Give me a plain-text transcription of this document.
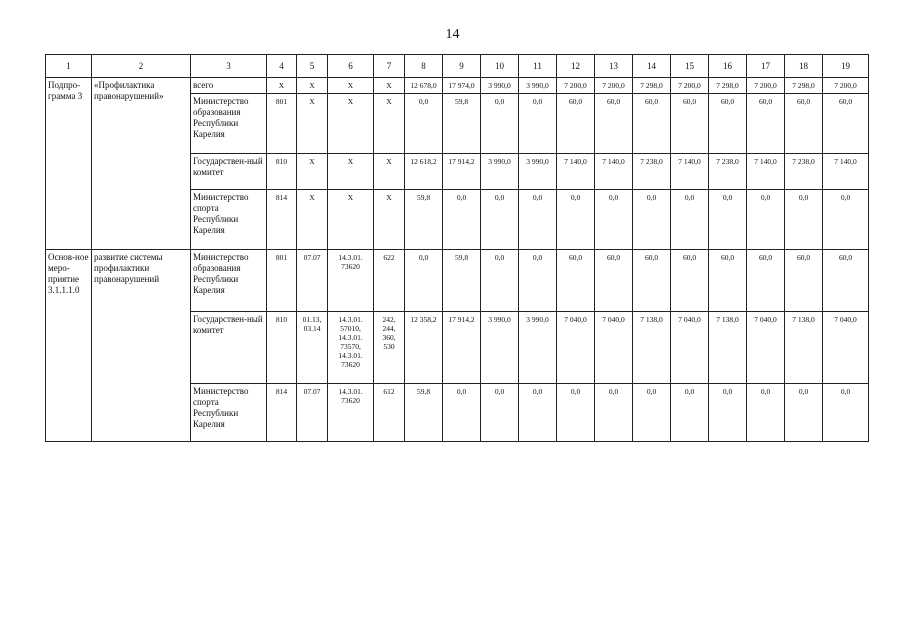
14
1	2	3	4	5	6	7	8	9	10	11	12	13	14	15	16	17	18	19
Подпро-грамма 3	«Профилактика правонарушений»	всего	X	X	X	X	12 678,0	17 974,0	3 990,0	3 990,0	7 200,0	7 200,0	7 298,0	7 200,0	7 298,0	7 200,0	7 298,0	7 200,0
		Министерство образования Республики Карелия	801	X	X	X	0,0	59,8	0,0	0,0	60,0	60,0	60,0	60,0	60,0	60,0	60,0	60,0
		Государствен-ный комитет	810	X	X	X	12 618,2	17 914,2	3 990,0	3 990,0	7 140,0	7 140,0	7 238,0	7 140,0	7 238,0	7 140,0	7 238,0	7 140,0
		Министерство спорта Республики Карелия	814	X	X	X	59,8	0,0	0,0	0,0	0,0	0,0	0,0	0,0	0,0	0,0	0,0	0,0
Основ-ное меро-приятие 3.1.1.1.0	развитие системы профилактики правонарушений	Министерство образования Республики Карелия	801	07.07	14.3.01. 73620	622	0,0	59,8	0,0	0,0	60,0	60,0	60,0	60,0	60,0	60,0	60,0	60,0
		Государствен-ный комитет	810	01.13, 03.14	14.3.01. 57010, 14.3.01. 73570, 14.3.01. 73620	242, 244, 360, 530	12 358,2	17 914,2	3 990,0	3 990,0	7 040,0	7 040,0	7 138,0	7 040,0	7 138,0	7 040,0	7 138,0	7 040,0
		Министерство спорта Республики Карелия	814	07.07	14.3.01. 73620	612	59,8	0,0	0,0	0,0	0,0	0,0	0,0	0,0	0,0	0,0	0,0	0,0
